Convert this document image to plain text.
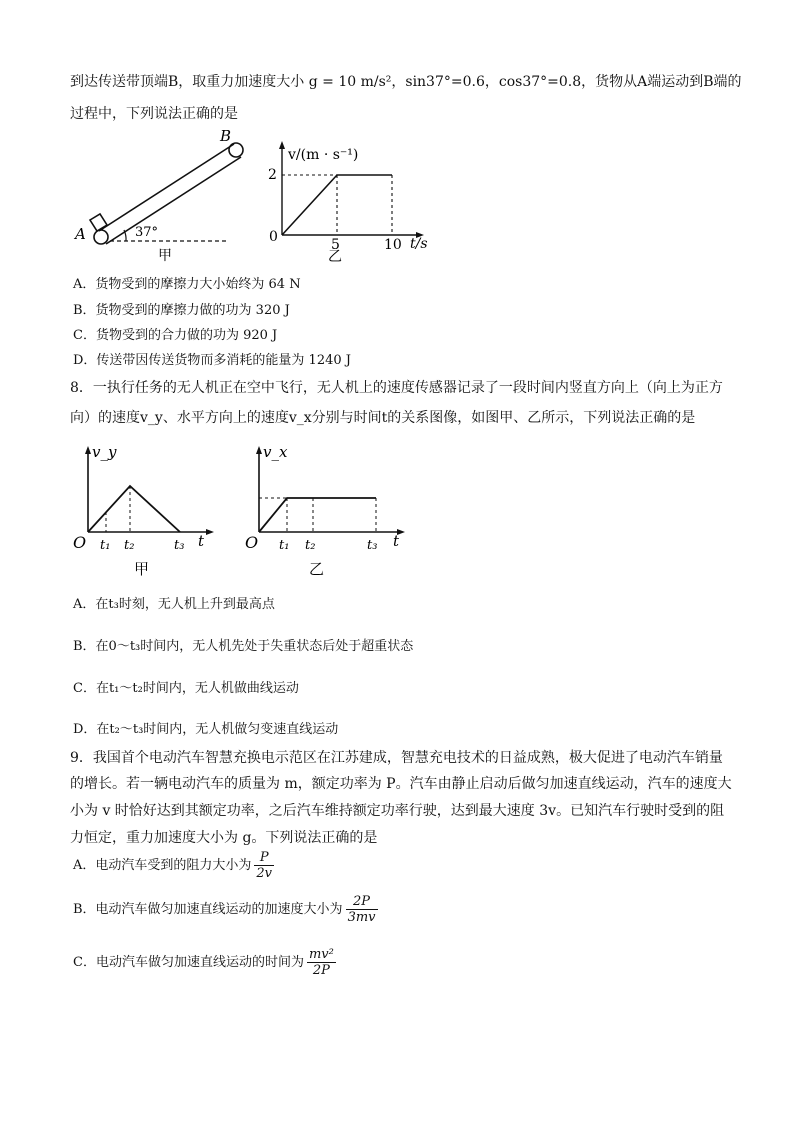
到达传送带顶端B，取重力加速度大小 g = 10 m/s²，sin37°=0.6，cos37°=0.8，货物从A端运动到B端的
过程中，下列说法正确的是
A
B
37°
甲
v/(m · s⁻¹)
t/s
2
0	5	10
乙
A．货物受到的摩擦力大小始终为 64 N
B．货物受到的摩擦力做的功为 320 J
C．货物受到的合力做的功为 920 J
D．传送带因传送货物而多消耗的能量为 1240 J
8．一执行任务的无人机正在空中飞行，无人机上的速度传感器记录了一段时间内竖直方向上（向上为正方
向）的速度v_y、水平方向上的速度v_x分别与时间t的关系图像，如图甲、乙所示，下列说法正确的是
v_y
O t₁ t₂	t₃ t
甲
v_x
O t₁ t₂	t₃ t
乙
A．在t₃时刻，无人机上升到最高点
B．在0～t₃时间内，无人机先处于失重状态后处于超重状态
C．在t₁～t₂时间内，无人机做曲线运动
D．在t₂～t₃时间内，无人机做匀变速直线运动
9．我国首个电动汽车智慧充换电示范区在江苏建成，智慧充电技术的日益成熟，极大促进了电动汽车销量
的增长。若一辆电动汽车的质量为 m，额定功率为 P。汽车由静止启动后做匀加速直线运动，汽车的速度大
小为 v 时恰好达到其额定功率，之后汽车维持额定功率行驶，达到最大速度 3v。已知汽车行驶时受到的阻
力恒定，重力加速度大小为 g。下列说法正确的是
A．电动汽车受到的阻力大小为 $\frac{P}{2v}$
B．电动汽车做匀加速直线运动的加速度大小为 $\frac{2P}{3mv}$
C．电动汽车做匀加速直线运动的时间为 $\frac{\text{mv²}}{2P}$
